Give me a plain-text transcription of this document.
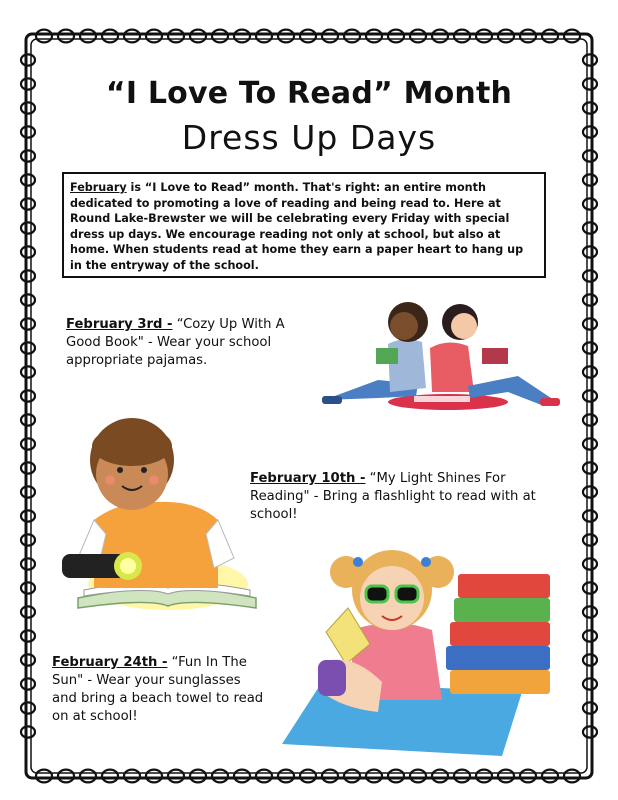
“I Love To Read” Month
Dress Up Days
February is “I Love to Read” month. That's right: an entire month dedicated to promoting a love of reading and being read to. Here at Round Lake-Brewster we will be celebrating every Friday with special dress up days. We encourage reading not only at school, but also at home. When students read at home they earn a paper heart to hang up in the entryway of the school.
February 3rd - “Cozy Up With A Good Book" - Wear your school appropriate pajamas.
February 10th - “My Light Shines For Reading" - Bring a flashlight to read with at school!
February 24th - “Fun In The Sun" - Wear your sunglasses and bring a beach towel to read on at school!
